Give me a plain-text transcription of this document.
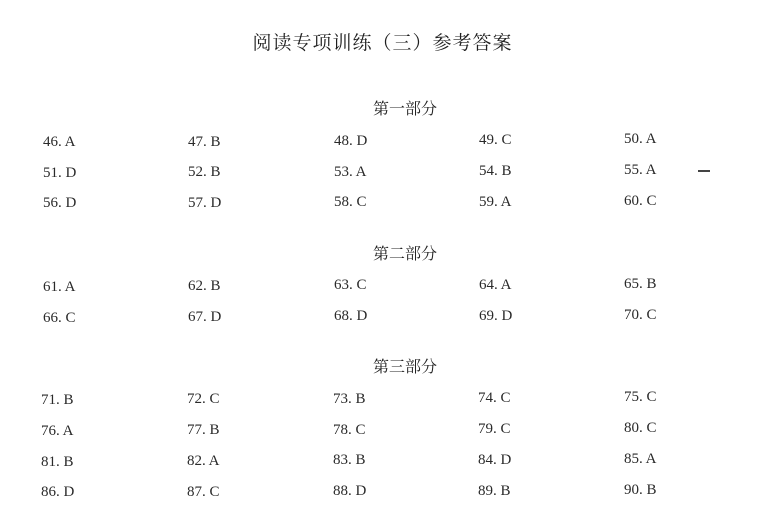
阅读专项训练（三）参考答案
第一部分
46. A	47. B	48. D	49. C	50. A
51. D	52. B	53. A	54. B	55. A
56. D	57. D	58. C	59. A	60. C
第二部分
61. A	62. B	63. C	64. A	65. B
66. C	67. D	68. D	69. D	70. C
第三部分
71. B	72. C	73. B	74. C	75. C
76. A	77. B	78. C	79. C	80. C
81. B	82. A	83. B	84. D	85. A
86. D	87. C	88. D	89. B	90. B
